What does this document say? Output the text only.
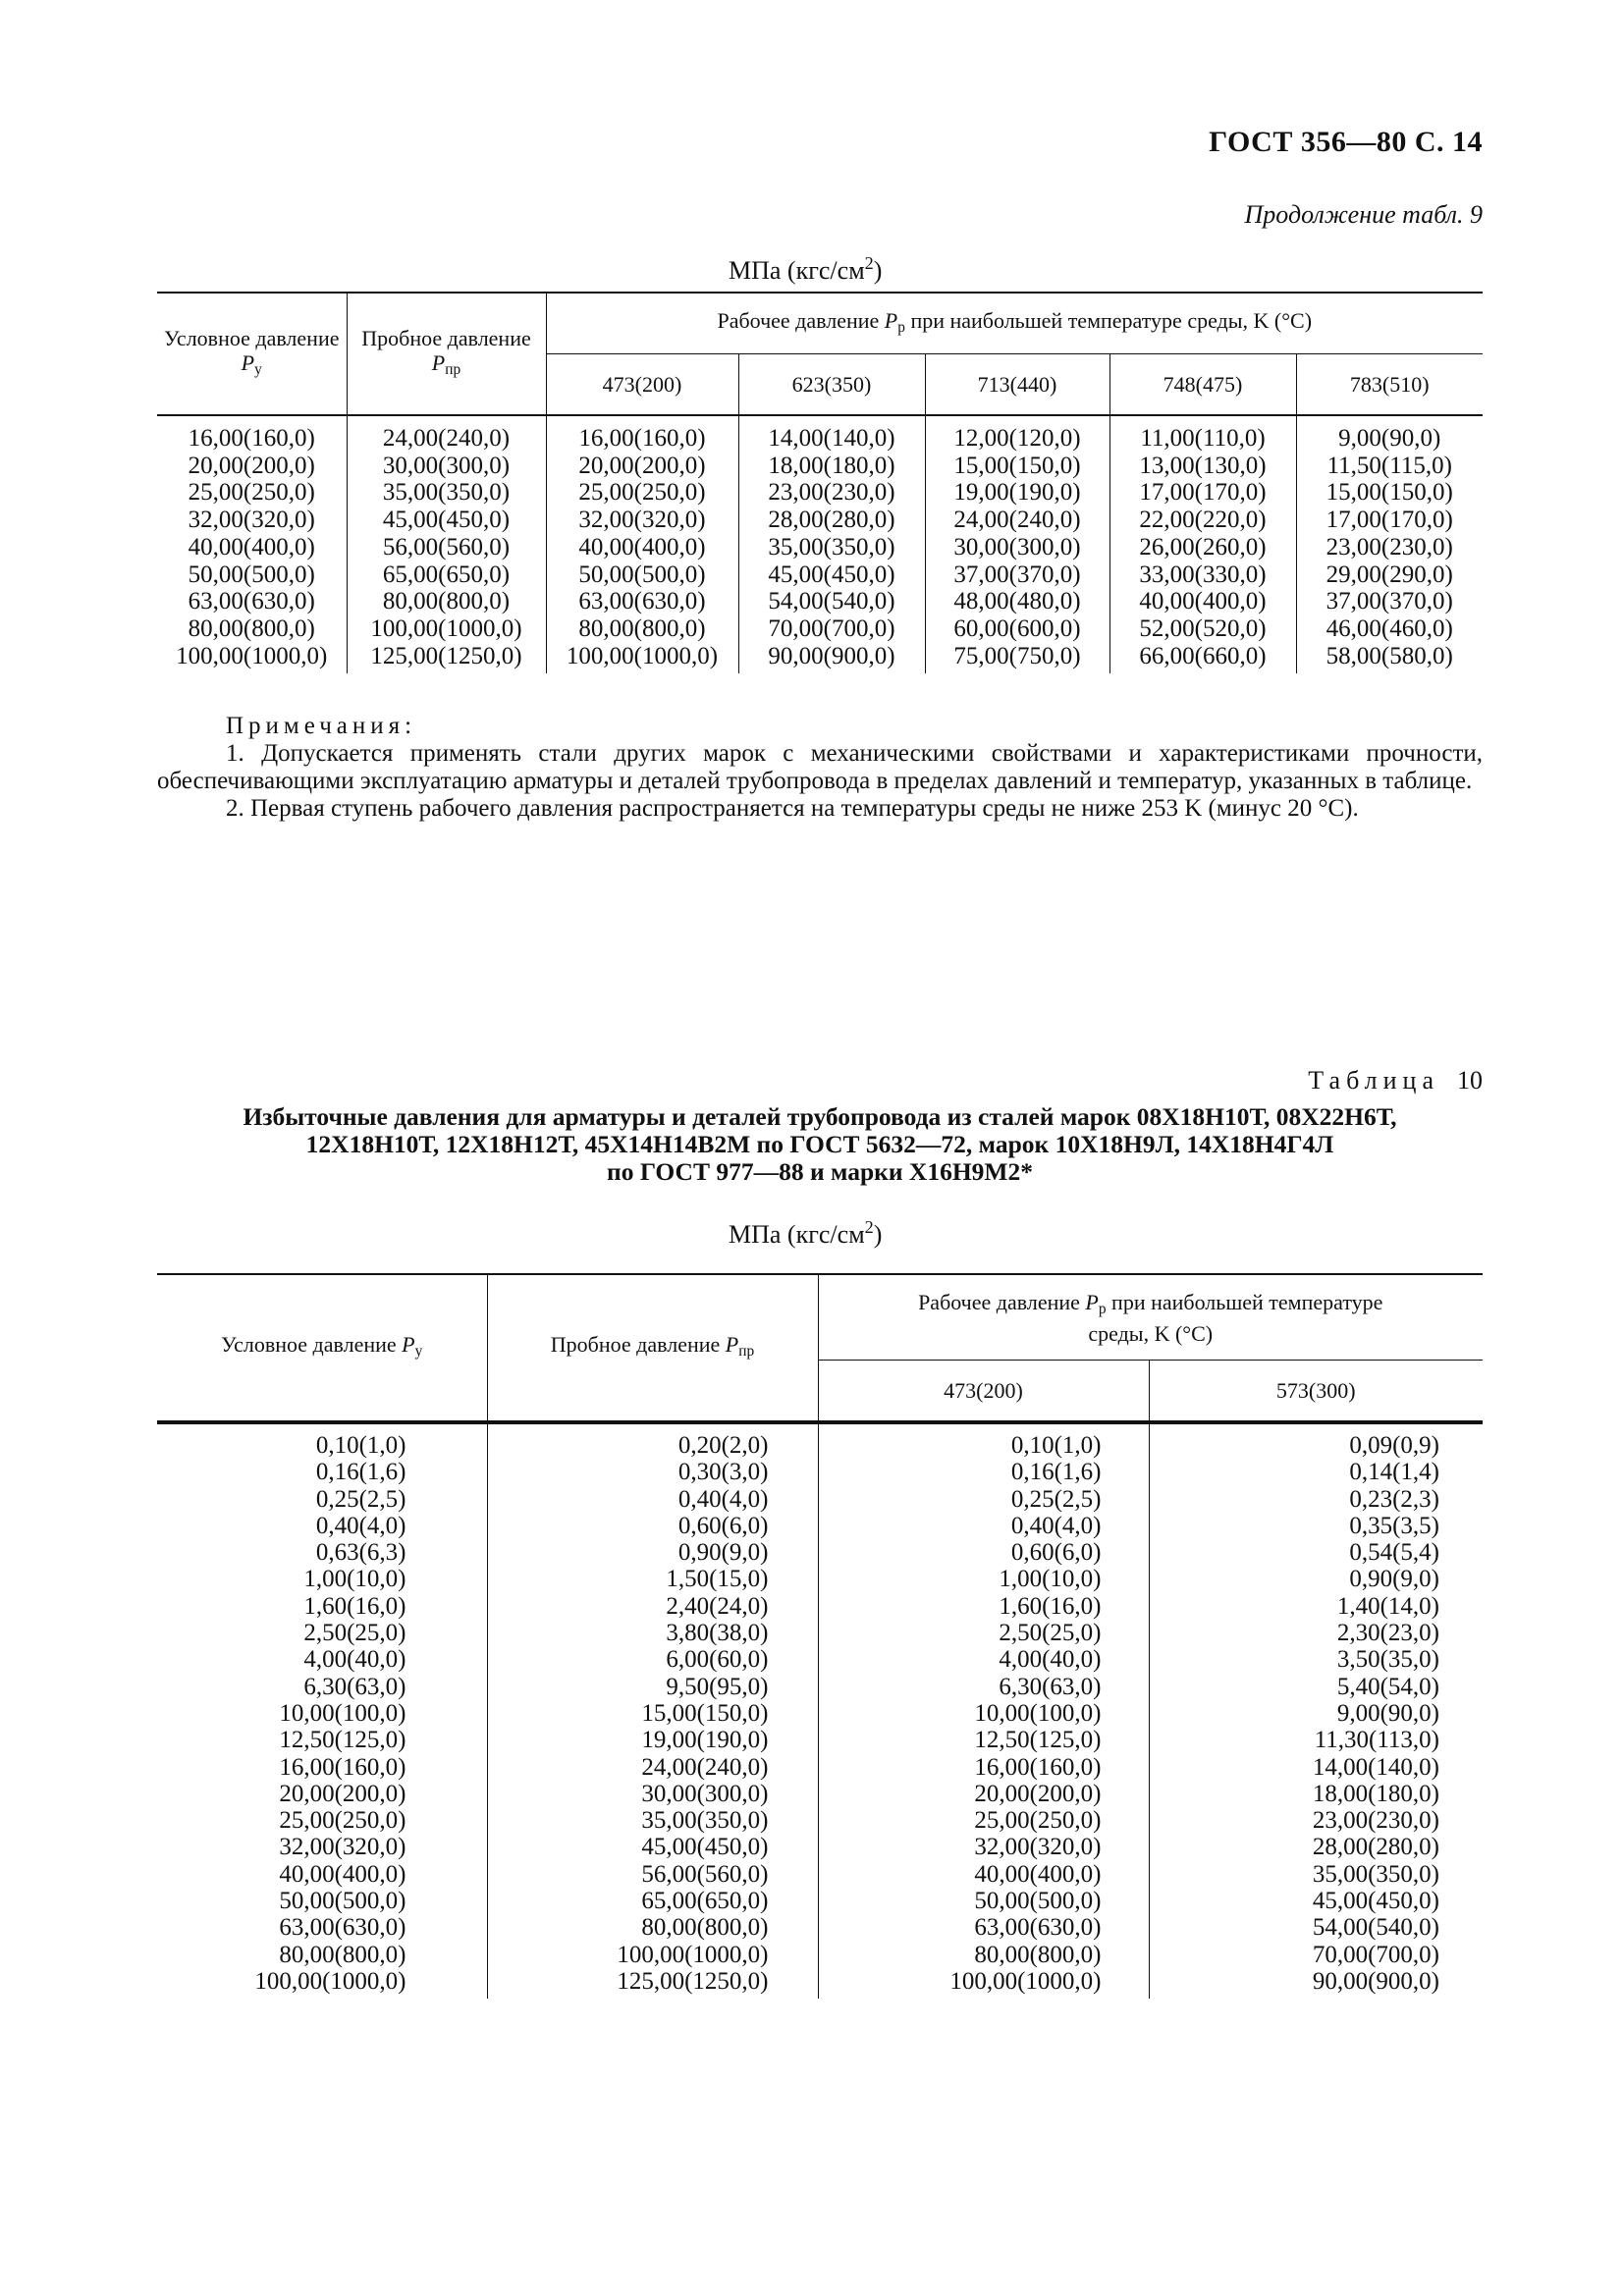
ГОСТ 356—80 С. 14
Продолжение табл. 9
МПа $(кгс/см^2)$
Условное давление $P_у$	Пробное давление $P_{пр}$	Рабочее давление $P_р$ при наибольшей температуре среды, K (°C)				
		473(200)	623(350)	713(440)	748(475)	783(510)
16,00(160,0)	24,00(240,0)	16,00(160,0)	14,00(140,0)	12,00(120,0)	11,00(110,0)	9,00(90,0)
20,00(200,0)	30,00(300,0)	20,00(200,0)	18,00(180,0)	15,00(150,0)	13,00(130,0)	11,50(115,0)
25,00(250,0)	35,00(350,0)	25,00(250,0)	23,00(230,0)	19,00(190,0)	17,00(170,0)	15,00(150,0)
32,00(320,0)	45,00(450,0)	32,00(320,0)	28,00(280,0)	24,00(240,0)	22,00(220,0)	17,00(170,0)
40,00(400,0)	56,00(560,0)	40,00(400,0)	35,00(350,0)	30,00(300,0)	26,00(260,0)	23,00(230,0)
50,00(500,0)	65,00(650,0)	50,00(500,0)	45,00(450,0)	37,00(370,0)	33,00(330,0)	29,00(290,0)
63,00(630,0)	80,00(800,0)	63,00(630,0)	54,00(540,0)	48,00(480,0)	40,00(400,0)	37,00(370,0)
80,00(800,0)	100,00(1000,0)	80,00(800,0)	70,00(700,0)	60,00(600,0)	52,00(520,0)	46,00(460,0)
100,00(1000,0)	125,00(1250,0)	100,00(1000,0)	90,00(900,0)	75,00(750,0)	66,00(660,0)	58,00(580,0)
Примечания:

1. Допускается применять стали других марок с механическими свойствами и характеристиками прочности, обеспечивающими эксплуатацию арматуры и деталей трубопровода в пределах давлений и температур, указанных в таблице.

2. Первая ступень рабочего давления распространяется на температуры среды не ниже 253 K (минус 20 °C).

Таблица 10
Избыточные давления для арматуры и деталей трубопровода из сталей марок 08Х18Н10Т, 08Х22Н6Т,
12Х18Н10Т, 12Х18Н12Т, 45Х14Н14В2М по ГОСТ 5632—72, марок 10Х18Н9Л, 14Х18Н4Г4Л
по ГОСТ 977—88 и марки Х16Н9М2*
МПа $(кгс/см^2)$
Условное давление $P_у$	Пробное давление $P_{пр}$	Рабочее давление $P_р$ при наибольшей температуре
среды, K (°C)	
		473(200)	573(300)
0,10(1,0)	0,20(2,0)	0,10(1,0)	0,09(0,9)
0,16(1,6)	0,30(3,0)	0,16(1,6)	0,14(1,4)
0,25(2,5)	0,40(4,0)	0,25(2,5)	0,23(2,3)
0,40(4,0)	0,60(6,0)	0,40(4,0)	0,35(3,5)
0,63(6,3)	0,90(9,0)	0,60(6,0)	0,54(5,4)
1,00(10,0)	1,50(15,0)	1,00(10,0)	0,90(9,0)
1,60(16,0)	2,40(24,0)	1,60(16,0)	1,40(14,0)
2,50(25,0)	3,80(38,0)	2,50(25,0)	2,30(23,0)
4,00(40,0)	6,00(60,0)	4,00(40,0)	3,50(35,0)
6,30(63,0)	9,50(95,0)	6,30(63,0)	5,40(54,0)
10,00(100,0)	15,00(150,0)	10,00(100,0)	9,00(90,0)
12,50(125,0)	19,00(190,0)	12,50(125,0)	11,30(113,0)
16,00(160,0)	24,00(240,0)	16,00(160,0)	14,00(140,0)
20,00(200,0)	30,00(300,0)	20,00(200,0)	18,00(180,0)
25,00(250,0)	35,00(350,0)	25,00(250,0)	23,00(230,0)
32,00(320,0)	45,00(450,0)	32,00(320,0)	28,00(280,0)
40,00(400,0)	56,00(560,0)	40,00(400,0)	35,00(350,0)
50,00(500,0)	65,00(650,0)	50,00(500,0)	45,00(450,0)
63,00(630,0)	80,00(800,0)	63,00(630,0)	54,00(540,0)
80,00(800,0)	100,00(1000,0)	80,00(800,0)	70,00(700,0)
100,00(1000,0)	125,00(1250,0)	100,00(1000,0)	90,00(900,0)
